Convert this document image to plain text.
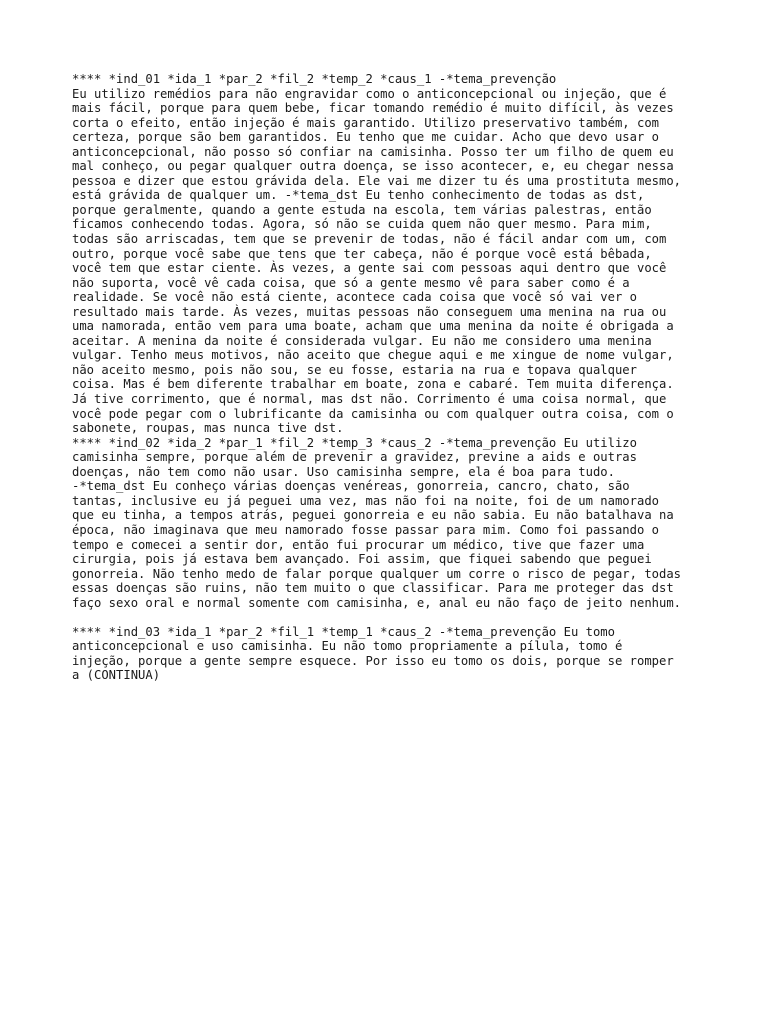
**** *ind_01 *ida_1 *par_2 *fil_2 *temp_2 *caus_1 -*tema_prevenção
Eu utilizo remédios para não engravidar como o anticoncepcional ou injeção, que é
mais fácil, porque para quem bebe, ficar tomando remédio é muito difícil, às vezes
corta o efeito, então injeção é mais garantido. Utilizo preservativo também, com
certeza, porque são bem garantidos. Eu tenho que me cuidar. Acho que devo usar o
anticoncepcional, não posso só confiar na camisinha. Posso ter um filho de quem eu
mal conheço, ou pegar qualquer outra doença, se isso acontecer, e, eu chegar nessa
pessoa e dizer que estou grávida dela. Ele vai me dizer tu és uma prostituta mesmo,
está grávida de qualquer um. -*tema_dst Eu tenho conhecimento de todas as dst,
porque geralmente, quando a gente estuda na escola, tem várias palestras, então
ficamos conhecendo todas. Agora, só não se cuida quem não quer mesmo. Para mim,
todas são arriscadas, tem que se prevenir de todas, não é fácil andar com um, com
outro, porque você sabe que tens que ter cabeça, não é porque você está bêbada,
você tem que estar ciente. Às vezes, a gente sai com pessoas aqui dentro que você
não suporta, você vê cada coisa, que só a gente mesmo vê para saber como é a
realidade. Se você não está ciente, acontece cada coisa que você só vai ver o
resultado mais tarde. Às vezes, muitas pessoas não conseguem uma menina na rua ou
uma namorada, então vem para uma boate, acham que uma menina da noite é obrigada a
aceitar. A menina da noite é considerada vulgar. Eu não me considero uma menina
vulgar. Tenho meus motivos, não aceito que chegue aqui e me xingue de nome vulgar,
não aceito mesmo, pois não sou, se eu fosse, estaria na rua e topava qualquer
coisa. Mas é bem diferente trabalhar em boate, zona e cabaré. Tem muita diferença.
Já tive corrimento, que é normal, mas dst não. Corrimento é uma coisa normal, que
você pode pegar com o lubrificante da camisinha ou com qualquer outra coisa, com o
sabonete, roupas, mas nunca tive dst.
**** *ind_02 *ida_2 *par_1 *fil_2 *temp_3 *caus_2 -*tema_prevenção Eu utilizo
camisinha sempre, porque além de prevenir a gravidez, previne a aids e outras
doenças, não tem como não usar. Uso camisinha sempre, ela é boa para tudo.
-*tema_dst Eu conheço várias doenças venéreas, gonorreia, cancro, chato, são
tantas, inclusive eu já peguei uma vez, mas não foi na noite, foi de um namorado
que eu tinha, a tempos atrás, peguei gonorreia e eu não sabia. Eu não batalhava na
época, não imaginava que meu namorado fosse passar para mim. Como foi passando o
tempo e comecei a sentir dor, então fui procurar um médico, tive que fazer uma
cirurgia, pois já estava bem avançado. Foi assim, que fiquei sabendo que peguei
gonorreia. Não tenho medo de falar porque qualquer um corre o risco de pegar, todas
essas doenças são ruins, não tem muito o que classificar. Para me proteger das dst
faço sexo oral e normal somente com camisinha, e, anal eu não faço de jeito nenhum.
**** *ind_03 *ida_1 *par_2 *fil_1 *temp_1 *caus_2 -*tema_prevenção Eu tomo
anticoncepcional e uso camisinha. Eu não tomo propriamente a pílula, tomo é
injeção, porque a gente sempre esquece. Por isso eu tomo os dois, porque se romper
a (CONTINUA)
